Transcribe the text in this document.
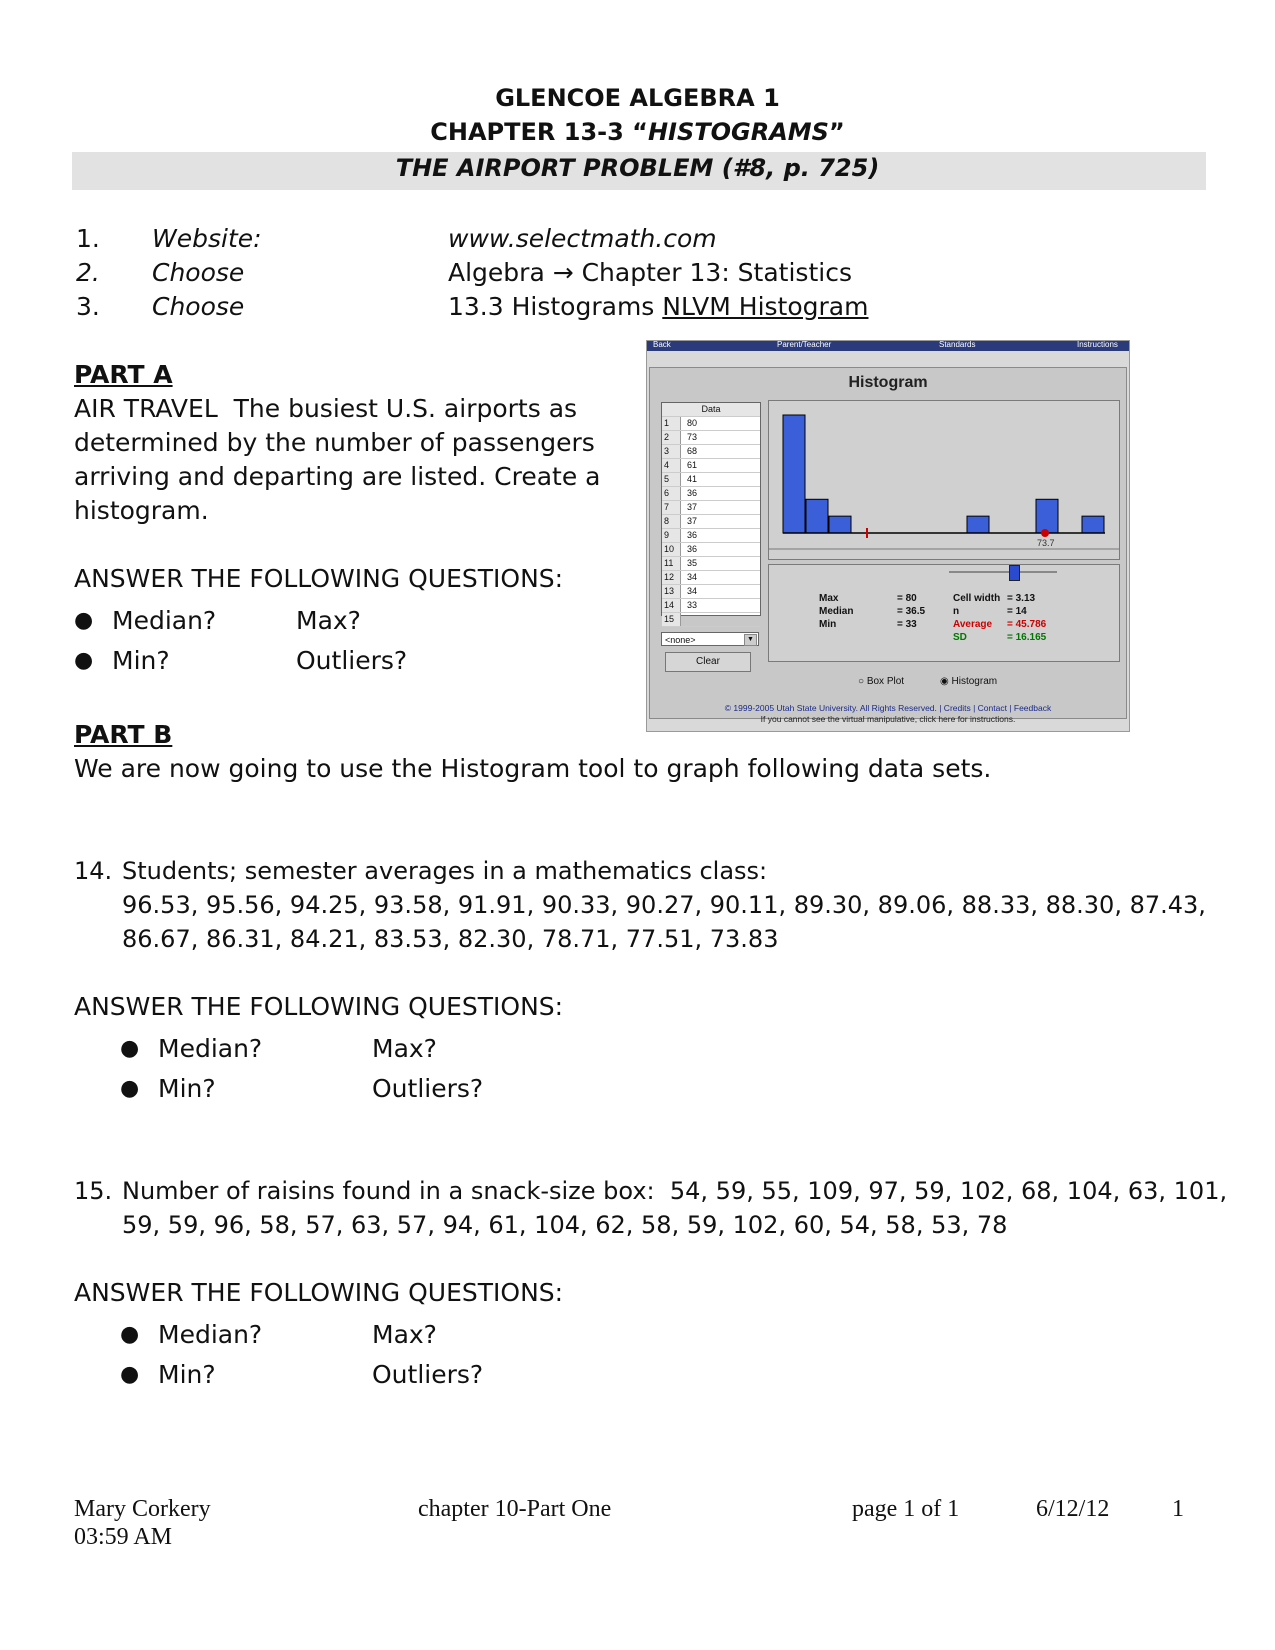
GLENCOE ALGEBRA 1
CHAPTER 13-3 “HISTOGRAMS”
THE AIRPORT PROBLEM (#8, p. 725)
1. Website:	www.selectmath.com
2. Choose	Algebra → Chapter 13: Statistics
3. Choose	13.3 Histograms NLVM Histogram
PART A
AIR TRAVEL  The busiest U.S. airports as
determined by the number of passengers
arriving and departing are listed. Create a
histogram.
ANSWER THE FOLLOWING QUESTIONS:
● Median?	Max?
● Min?	Outliers?
Back	Parent/Teacher	Standards	Instructions
Histogram
Data
1	80
2	73
3	68
4	61
5	41
6	36
7	37
8	37
9	36
10	36
11	35
12	34
13	34
14	33
15
<none>	▼
Clear
73.7
Max	= 80
Median	= 36.5
Min	= 33
Cell width = 3.13
n	= 14
Average = 45.786
SD	= 16.165
○ Box Plot	◉ Histogram
© 1999-2005 Utah State University. All Rights Reserved. | Credits | Contact | Feedback
If you cannot see the virtual manipulative, click here for instructions.
PART B
We are now going to use the Histogram tool to graph following data sets.
14. Students; semester averages in a mathematics class:
96.53, 95.56, 94.25, 93.58, 91.91, 90.33, 90.27, 90.11, 89.30, 89.06, 88.33, 88.30, 87.43,
86.67, 86.31, 84.21, 83.53, 82.30, 78.71, 77.51, 73.83
ANSWER THE FOLLOWING QUESTIONS:
● Median?	Max?
● Min?	Outliers?
15. Number of raisins found in a snack-size box:  54, 59, 55, 109, 97, 59, 102, 68, 104, 63, 101,
59, 59, 96, 58, 57, 63, 57, 94, 61, 104, 62, 58, 59, 102, 60, 54, 58, 53, 78
ANSWER THE FOLLOWING QUESTIONS:
● Median?	Max?
● Min?	Outliers?
Mary Corkery
03:59 AM
chapter 10-Part One	page 1 of 1	6/12/12	1
